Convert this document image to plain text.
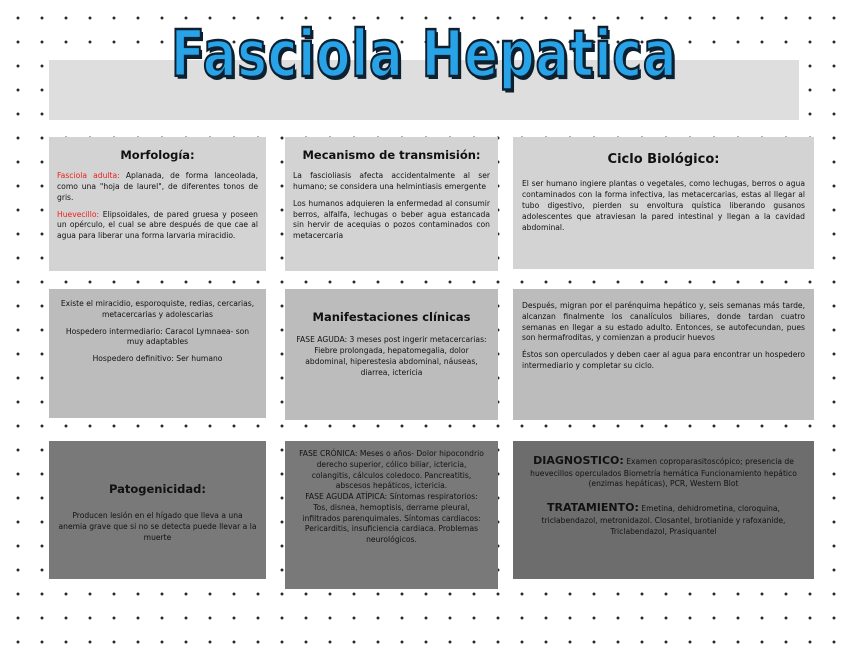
Fasciola Hepatica
Morfología:

Fasciola adulta: Aplanada, de forma lanceolada, como una "hoja de laurel", de diferentes tonos de gris.

Huevecillo: Elipsoidales, de pared gruesa y poseen un opérculo, el cual se abre después de que cae al agua para liberar una forma larvaria miracidio.

Mecanismo de transmisión:

La fascioliasis afecta accidentalmente al ser humano; se considera una helmintiasis emergente

Los humanos adquieren la enfermedad al consumir berros, alfalfa, lechugas o beber agua estancada sin hervir de acequias o pozos contaminados con metacercaria

Ciclo Biológico:

El ser humano ingiere plantas o vegetales, como lechugas, berros o agua contaminados con la forma infectiva, las metacercarias, estas al llegar al tubo digestivo, pierden su envoltura quística liberando gusanos adolescentes que atraviesan la pared intestinal y llegan a la cavidad abdominal.

Existe el miracidio, esporoquiste, redias, cercarias, metacercarias y adolescarias

Hospedero intermediario: Caracol Lymnaea- son muy adaptables

Hospedero definitivo: Ser humano

Manifestaciones clínicas

FASE AGUDA: 3 meses post ingerir metacercarias: Fiebre prolongada, hepatomegalia, dolor abdominal, hiperestesia abdominal, náuseas, diarrea, ictericia

Después, migran por el parénquima hepático y, seis semanas más tarde, alcanzan finalmente los canalículos biliares, donde tardan cuatro semanas en llegar a su estado adulto. Entonces, se autofecundan, pues son hermafroditas, y comienzan a producir huevos

Éstos son operculados y deben caer al agua para encontrar un hospedero intermediario y completar su ciclo.

Patogenicidad:

Producen lesión en el hígado que lleva a una anemia grave que si no se detecta puede llevar a la muerte

FASE CRÓNICA: Meses o años- Dolor hipocondrio derecho superior, cólico biliar, ictericia, colangitis, cálculos coledoco. Pancreatitis, abscesos hepáticos, ictericia.

FASE AGUDA ATÍPICA: Síntomas respiratorios: Tos, disnea, hemoptisis, derrame pleural, infiltrados parenquimales. Síntomas cardiacos: Pericarditis, insuficiencia cardiaca. Problemas neurológicos.

DIAGNOSTICO: Examen coproparasitoscópico; presencia de huevecillos operculados Biometría hemática Funcionamiento hepático (enzimas hepáticas), PCR, Western Blot

TRATAMIENTO: Emetina, dehidrometina, cloroquina, triclabendazol, metronidazol. Closantel, brotianide y rafoxanide, Triclabendazol, Prasiquantel
